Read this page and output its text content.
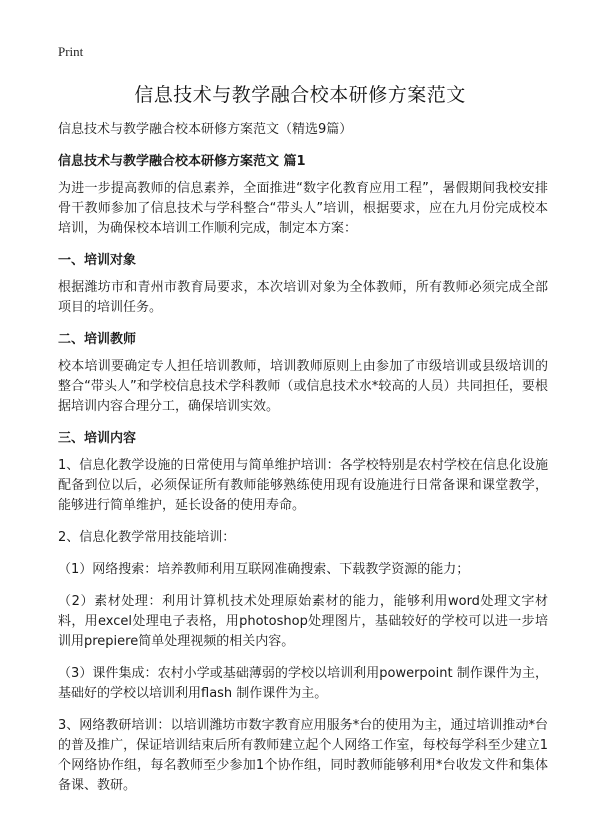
Print
信息技术与教学融合校本研修方案范文

信息技术与教学融合校本研修方案范文（精选9篇）

信息技术与教学融合校本研修方案范文 篇1

为进一步提高教师的信息素养，全面推进“数字化教育应用工程”，暑假期间我校安排骨干教师参加了信息技术与学科整合“带头人”培训，根据要求，应在九月份完成校本培训，为确保校本培训工作顺利完成，制定本方案：

一、培训对象

根据潍坊市和青州市教育局要求，本次培训对象为全体教师，所有教师必须完成全部项目的培训任务。

二、培训教师

校本培训要确定专人担任培训教师，培训教师原则上由参加了市级培训或县级培训的整合“带头人”和学校信息技术学科教师（或信息技术水*较高的人员）共同担任，要根据培训内容合理分工，确保培训实效。

三、培训内容

1、信息化教学设施的日常使用与简单维护培训：各学校特别是农村学校在信息化设施配备到位以后，必须保证所有教师能够熟练使用现有设施进行日常备课和课堂教学，能够进行简单维护，延长设备的使用寿命。

2、信息化教学常用技能培训：

（1）网络搜索：培养教师利用互联网准确搜索、下载教学资源的能力；

（2）素材处理：利用计算机技术处理原始素材的能力，能够利用word处理文字材料，用excel处理电子表格，用photoshop处理图片，基础较好的学校可以进一步培训用prepiere简单处理视频的相关内容。

（3）课件集成：农村小学或基础薄弱的学校以培训利用powerpoint 制作课件为主，基础好的学校以培训利用flash 制作课件为主。

3、网络教研培训：以培训潍坊市数字教育应用服务*台的使用为主，通过培训推动*台的普及推广，保证培训结束后所有教师建立起个人网络工作室，每校每学科至少建立1个网络协作组，每名教师至少参加1个协作组，同时教师能够利用*台收发文件和集体备课、教研。
